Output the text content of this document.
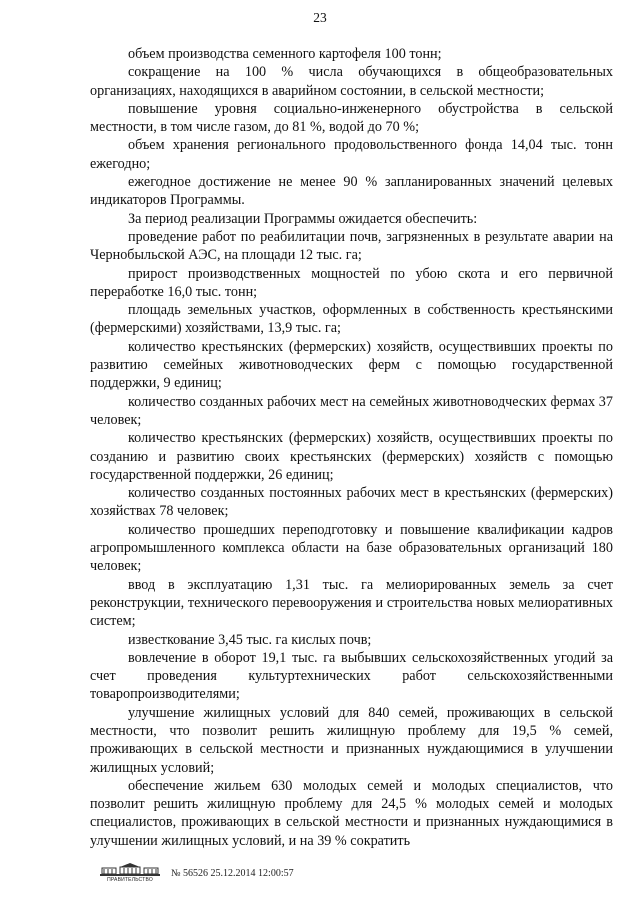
23

объем производства семенного картофеля 100 тонн;

сокращение на 100 % числа обучающихся в общеобразовательных организациях, находящихся в аварийном состоянии, в сельской местности;

повышение уровня социально-инженерного обустройства в сельской местности, в том числе газом, до 81 %, водой до 70 %;

объем хранения регионального продовольственного фонда 14,04 тыс. тонн ежегодно;

ежегодное достижение не менее 90 % запланированных значений целевых индикаторов Программы.

За период реализации Программы ожидается обеспечить:

проведение работ по реабилитации почв, загрязненных в результате аварии на Чернобыльской АЭС, на площади 12 тыс. га;

прирост производственных мощностей по убою скота и его первичной переработке 16,0 тыс. тонн;

площадь земельных участков, оформленных в собственность крестьянскими (фермерскими) хозяйствами, 13,9 тыс. га;

количество крестьянских (фермерских) хозяйств, осуществивших проекты по развитию семейных животноводческих ферм с помощью государственной поддержки, 9 единиц;

количество созданных рабочих мест на семейных животноводческих фермах 37 человек;

количество крестьянских (фермерских) хозяйств, осуществивших проекты по созданию и развитию своих крестьянских (фермерских) хозяйств с помощью государственной поддержки, 26 единиц;

количество созданных постоянных рабочих мест в крестьянских (фермерских) хозяйствах 78 человек;

количество прошедших переподготовку и повышение квалификации кадров агропромышленного комплекса области на базе образовательных организаций 180 человек;

ввод в эксплуатацию 1,31 тыс. га мелиорированных земель за счет реконструкции, технического перевооружения и строительства новых мелиоративных систем;

известкование 3,45 тыс. га кислых почв;

вовлечение в оборот 19,1 тыс. га выбывших сельскохозяйственных угодий за счет проведения культуртехнических работ сельскохозяйственными товаропроизводителями;

улучшение жилищных условий для 840 семей, проживающих в сельской местности, что позволит решить жилищную проблему для 19,5 % семей, проживающих в сельской местности и признанных нуждающимися в улучшении жилищных условий;

обеспечение жильем 630 молодых семей и молодых специалистов, что позволит решить жилищную проблему для 24,5 % молодых семей и молодых специалистов, проживающих в сельской местности и признанных нуждающимися в улучшении жилищных условий, и на 39 % сократить

ПРАВИТЕЛЬСТВО
№ 56526 25.12.2014 12:00:57
